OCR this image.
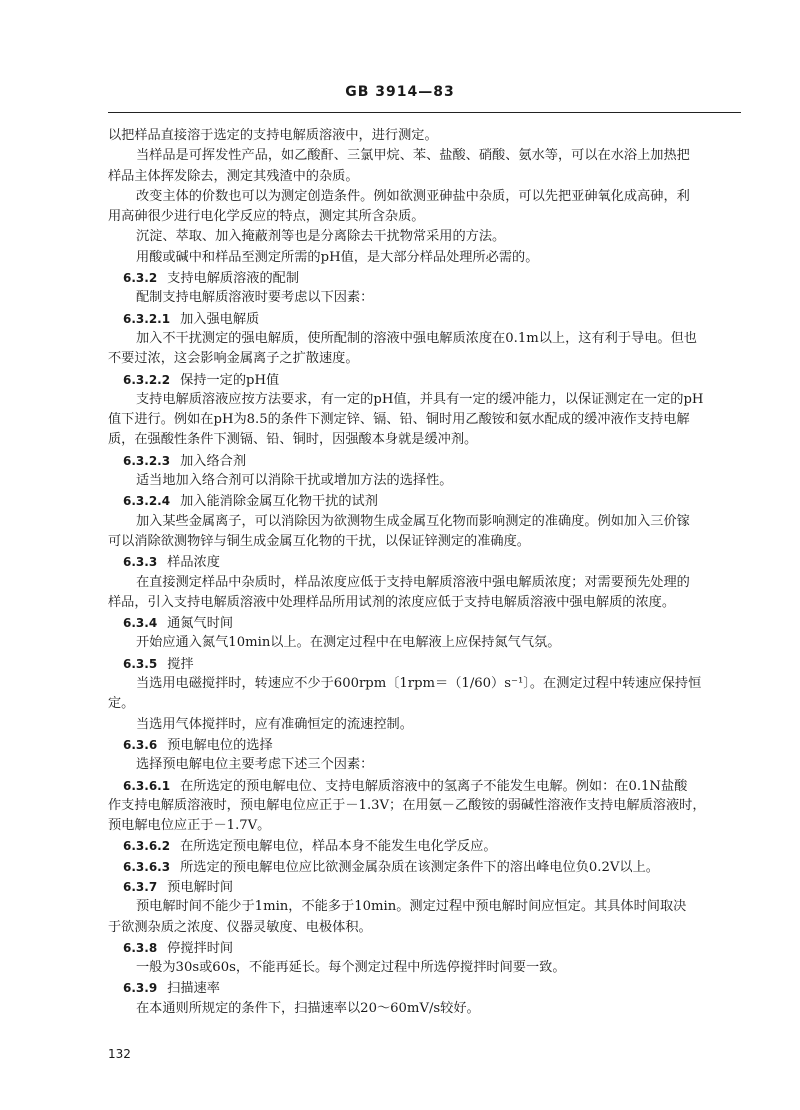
GB 3914—83
以把样品直接溶于选定的支持电解质溶液中，进行测定。
当样品是可挥发性产品，如乙酸酐、三氯甲烷、苯、盐酸、硝酸、氨水等，可以在水浴上加热把
样品主体挥发除去，测定其残渣中的杂质。
改变主体的价数也可以为测定创造条件。例如欲测亚砷盐中杂质，可以先把亚砷氧化成高砷，利
用高砷很少进行电化学反应的特点，测定其所含杂质。
沉淀、萃取、加入掩蔽剂等也是分离除去干扰物常采用的方法。
用酸或碱中和样品至测定所需的pH值，是大部分样品处理所必需的。
6.3.2 支持电解质溶液的配制
配制支持电解质溶液时要考虑以下因素：
6.3.2.1 加入强电解质
加入不干扰测定的强电解质，使所配制的溶液中强电解质浓度在0.1m以上，这有利于导电。但也
不要过浓，这会影响金属离子之扩散速度。
6.3.2.2 保持一定的pH值
支持电解质溶液应按方法要求，有一定的pH值，并具有一定的缓冲能力，以保证测定在一定的pH
值下进行。例如在pH为8.5的条件下测定锌、镉、铅、铜时用乙酸铵和氨水配成的缓冲液作支持电解
质，在强酸性条件下测镉、铅、铜时，因强酸本身就是缓冲剂。
6.3.2.3 加入络合剂
适当地加入络合剂可以消除干扰或增加方法的选择性。
6.3.2.4 加入能消除金属互化物干扰的试剂
加入某些金属离子，可以消除因为欲测物生成金属互化物而影响测定的准确度。例如加入三价镓
可以消除欲测物锌与铜生成金属互化物的干扰，以保证锌测定的准确度。
6.3.3 样品浓度
在直接测定样品中杂质时，样品浓度应低于支持电解质溶液中强电解质浓度；对需要预先处理的
样品，引入支持电解质溶液中处理样品所用试剂的浓度应低于支持电解质溶液中强电解质的浓度。
6.3.4 通氮气时间
开始应通入氮气10min以上。在测定过程中在电解液上应保持氮气气氛。
6.3.5 搅拌
当选用电磁搅拌时，转速应不少于600rpm〔1rpm＝（1/60）s⁻¹〕。在测定过程中转速应保持恒
定。
当选用气体搅拌时，应有准确恒定的流速控制。
6.3.6 预电解电位的选择
选择预电解电位主要考虑下述三个因素：
6.3.6.1 在所选定的预电解电位、支持电解质溶液中的氢离子不能发生电解。例如：在0.1N盐酸
作支持电解质溶液时，预电解电位应正于－1.3V；在用氨－乙酸铵的弱碱性溶液作支持电解质溶液时，
预电解电位应正于－1.7V。
6.3.6.2 在所选定预电解电位，样品本身不能发生电化学反应。
6.3.6.3 所选定的预电解电位应比欲测金属杂质在该测定条件下的溶出峰电位负0.2V以上。
6.3.7 预电解时间
预电解时间不能少于1min，不能多于10min。测定过程中预电解时间应恒定。其具体时间取决
于欲测杂质之浓度、仪器灵敏度、电极体积。
6.3.8 停搅拌时间
一般为30s或60s，不能再延长。每个测定过程中所选停搅拌时间要一致。
6.3.9 扫描速率
在本通则所规定的条件下，扫描速率以20～60mV/s较好。
132
